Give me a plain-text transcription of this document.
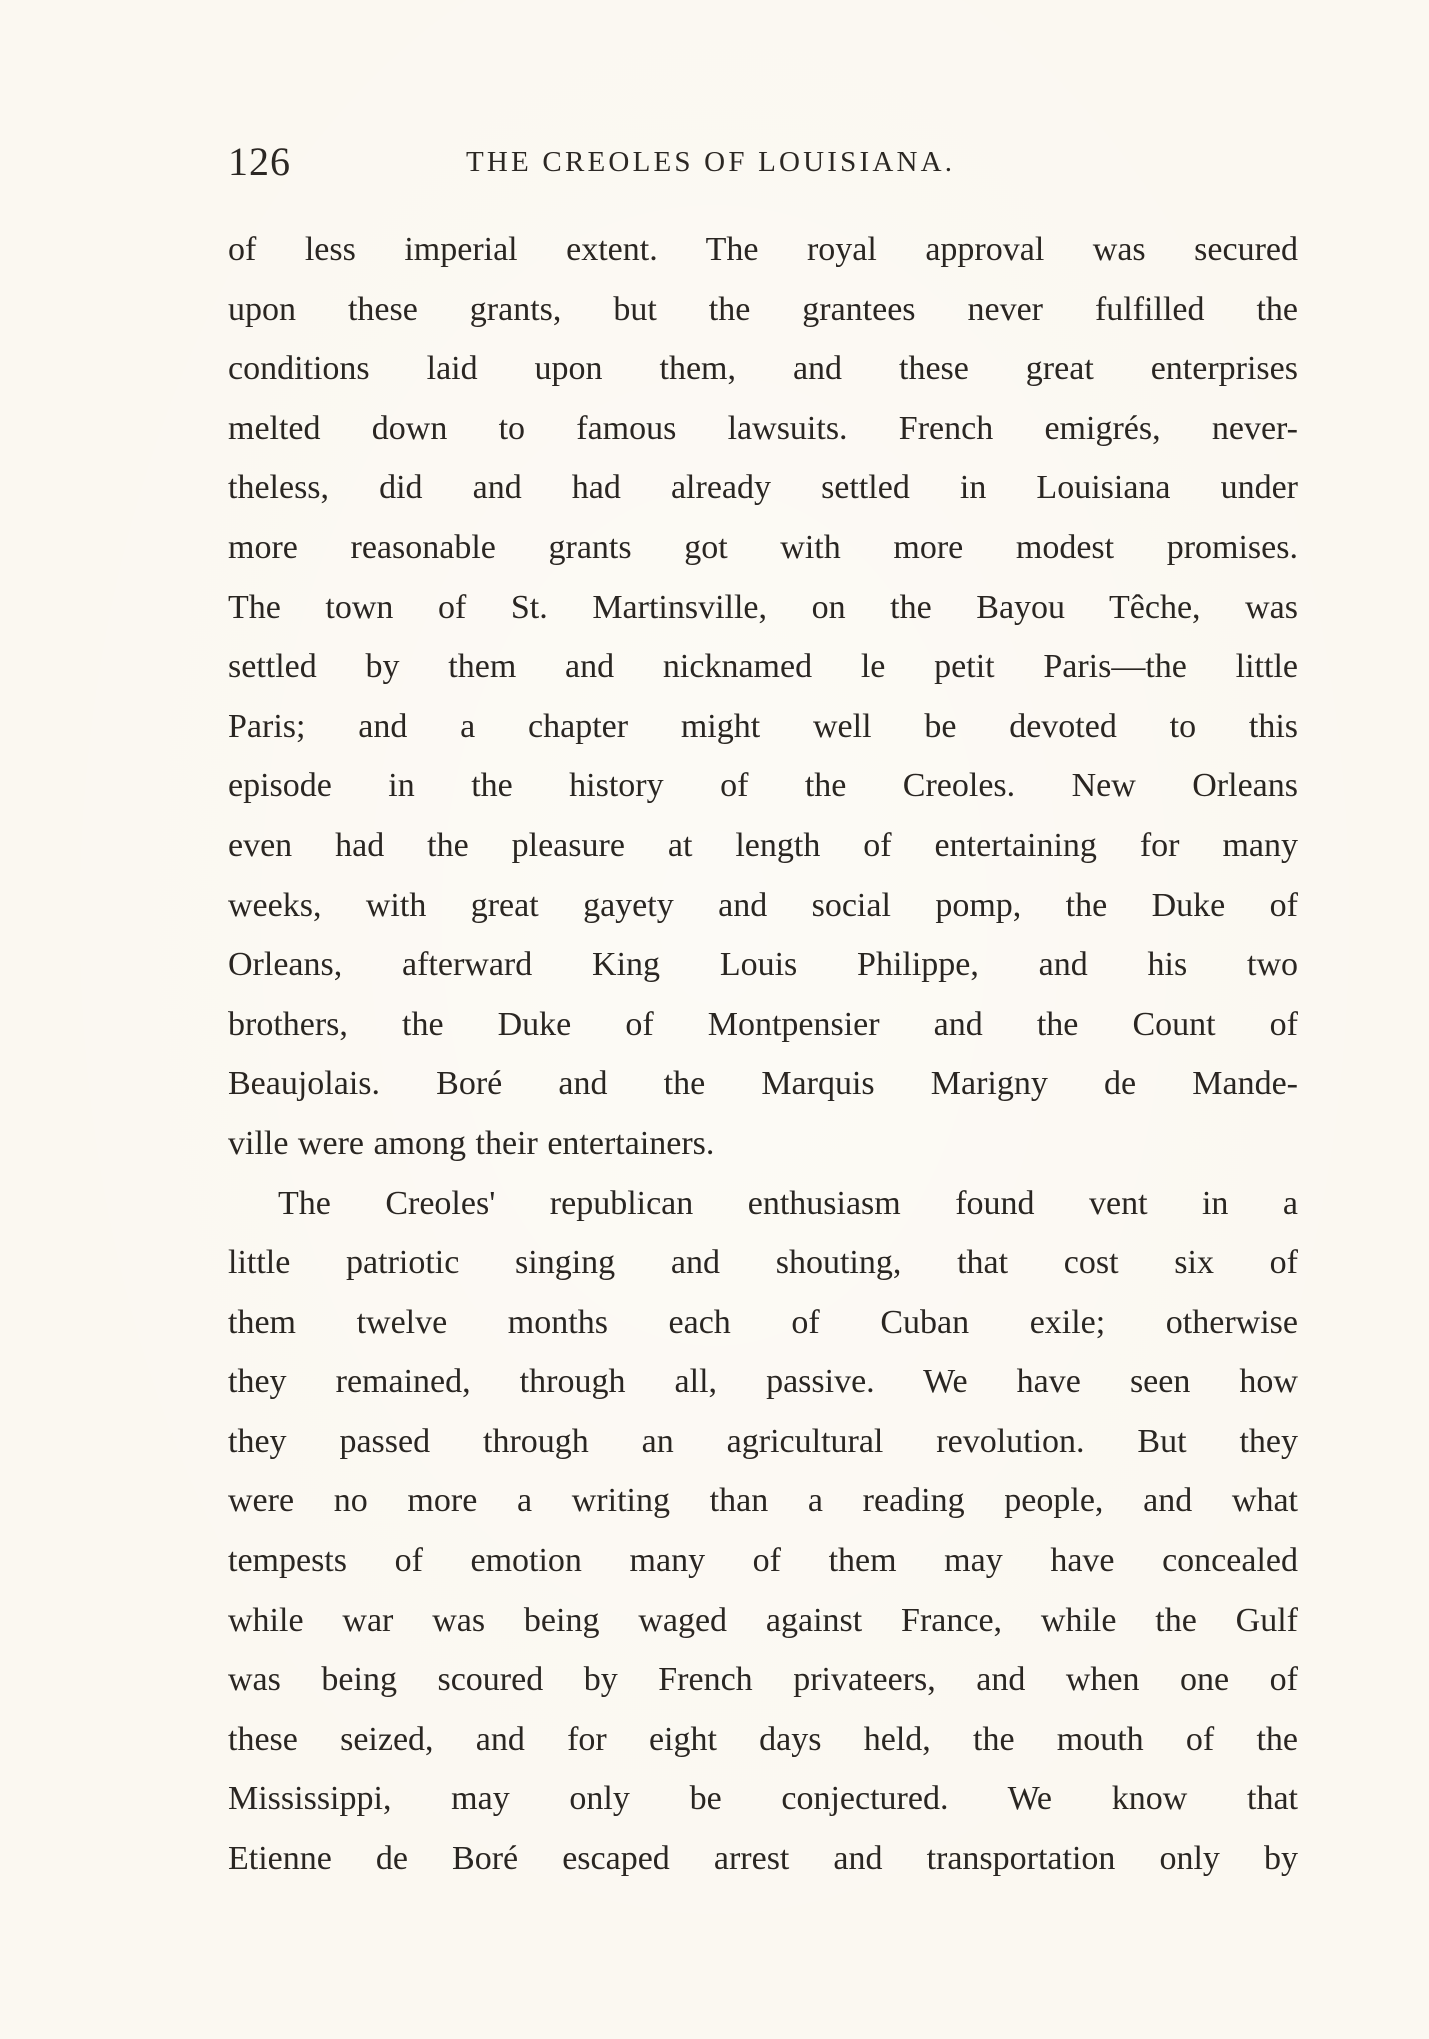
126	THE CREOLES OF LOUISIANA.
of less imperial extent. The royal approval was secured
upon these grants, but the grantees never fulfilled the
conditions laid upon them, and these great enterprises
melted down to famous lawsuits. French emigrés, never-
theless, did and had already settled in Louisiana under
more reasonable grants got with more modest promises.
The town of St. Martinsville, on the Bayou Têche, was
settled by them and nicknamed le petit Paris—the little
Paris; and a chapter might well be devoted to this
episode in the history of the Creoles. New Orleans
even had the pleasure at length of entertaining for many
weeks, with great gayety and social pomp, the Duke of
Orleans, afterward King Louis Philippe, and his two
brothers, the Duke of Montpensier and the Count of
Beaujolais. Boré and the Marquis Marigny de Mande-
ville were among their entertainers.
The Creoles' republican enthusiasm found vent in a
little patriotic singing and shouting, that cost six of
them twelve months each of Cuban exile; otherwise
they remained, through all, passive. We have seen how
they passed through an agricultural revolution. But they
were no more a writing than a reading people, and what
tempests of emotion many of them may have concealed
while war was being waged against France, while the Gulf
was being scoured by French privateers, and when one of
these seized, and for eight days held, the mouth of the
Mississippi, may only be conjectured. We know that
Etienne de Boré escaped arrest and transportation only by
